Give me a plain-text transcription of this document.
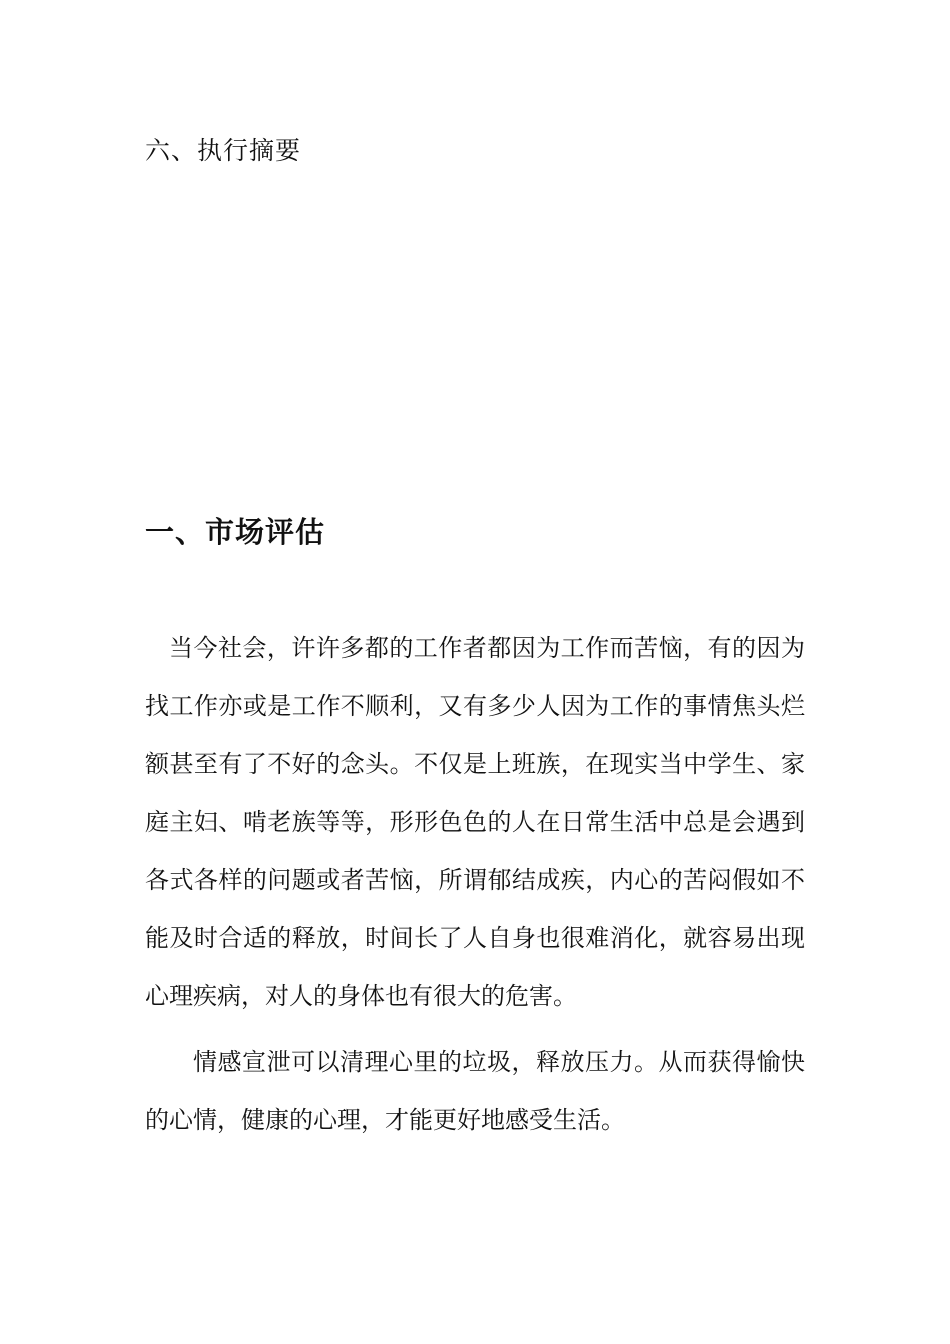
六、执行摘要
一、市场评估

当今社会，许许多都的工作者都因为工作而苦恼，有的因为找工作亦或是工作不顺利，又有多少人因为工作的事情焦头烂额甚至有了不好的念头。不仅是上班族，在现实当中学生、家庭主妇、啃老族等等，形形色色的人在日常生活中总是会遇到各式各样的问题或者苦恼，所谓郁结成疾，内心的苦闷假如不能及时合适的释放，时间长了人自身也很难消化，就容易出现心理疾病，对人的身体也有很大的危害。

情感宣泄可以清理心里的垃圾，释放压力。从而获得愉快的心情，健康的心理，才能更好地感受生活。
